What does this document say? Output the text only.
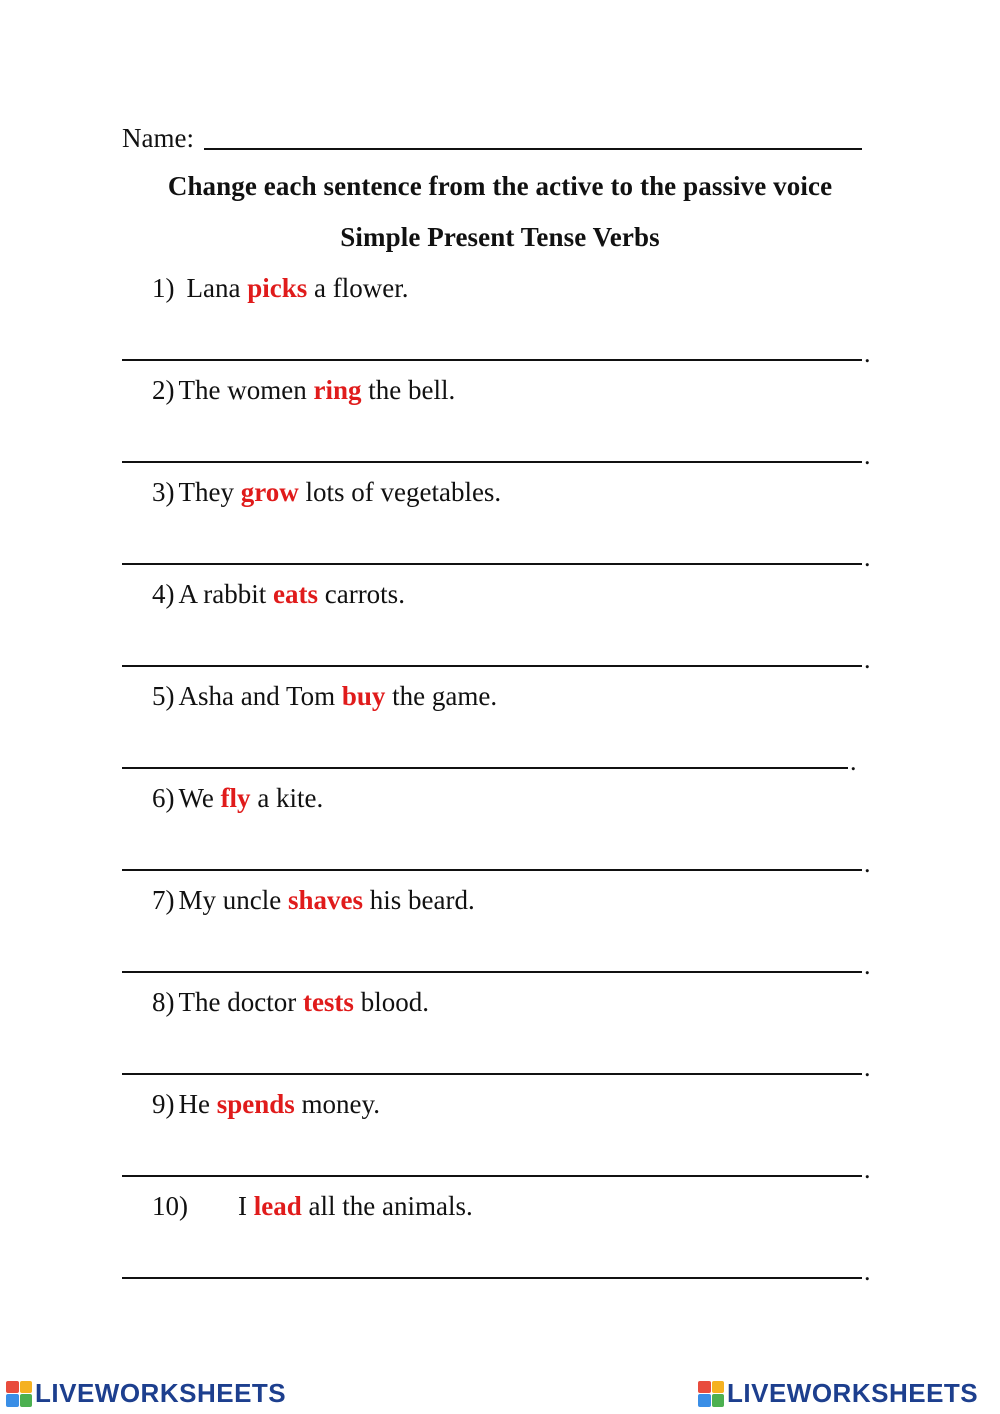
Name:
Change each sentence from the active to the passive voice
Simple Present Tense Verbs
1) Lana picks a flower.
.
2) The women ring the bell.
.
3) They grow lots of vegetables.
.
4) A rabbit eats carrots.
.
5) Asha and Tom buy the game.
.
6) We fly a kite.
.
7) My uncle shaves his beard.
.
8) The doctor tests blood.
.
9) He spends money.
.
10) I lead all the animals.
.
LIVEWORKSHEETS	LIVEWORKSHEETS
